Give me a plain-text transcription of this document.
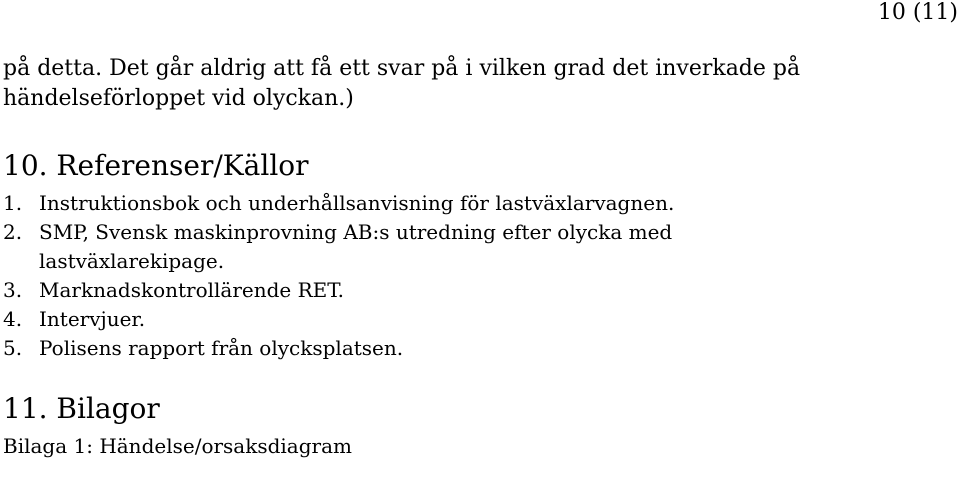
10 (11)

på detta. Det går aldrig att få ett svar på i vilken grad det inverkade på händelseförloppet vid olyckan.)

10. Referenser/Källor
1. Instruktionsbok och underhållsanvisning för lastväxlarvagnen.
2. SMP, Svensk maskinprovning AB:s utredning efter olycka med lastväxlarekipage.
3. Marknadskontrollärende RET.
4. Intervjuer.
5. Polisens rapport från olycksplatsen.
11. Bilagor

Bilaga 1: Händelse/orsaksdiagram
